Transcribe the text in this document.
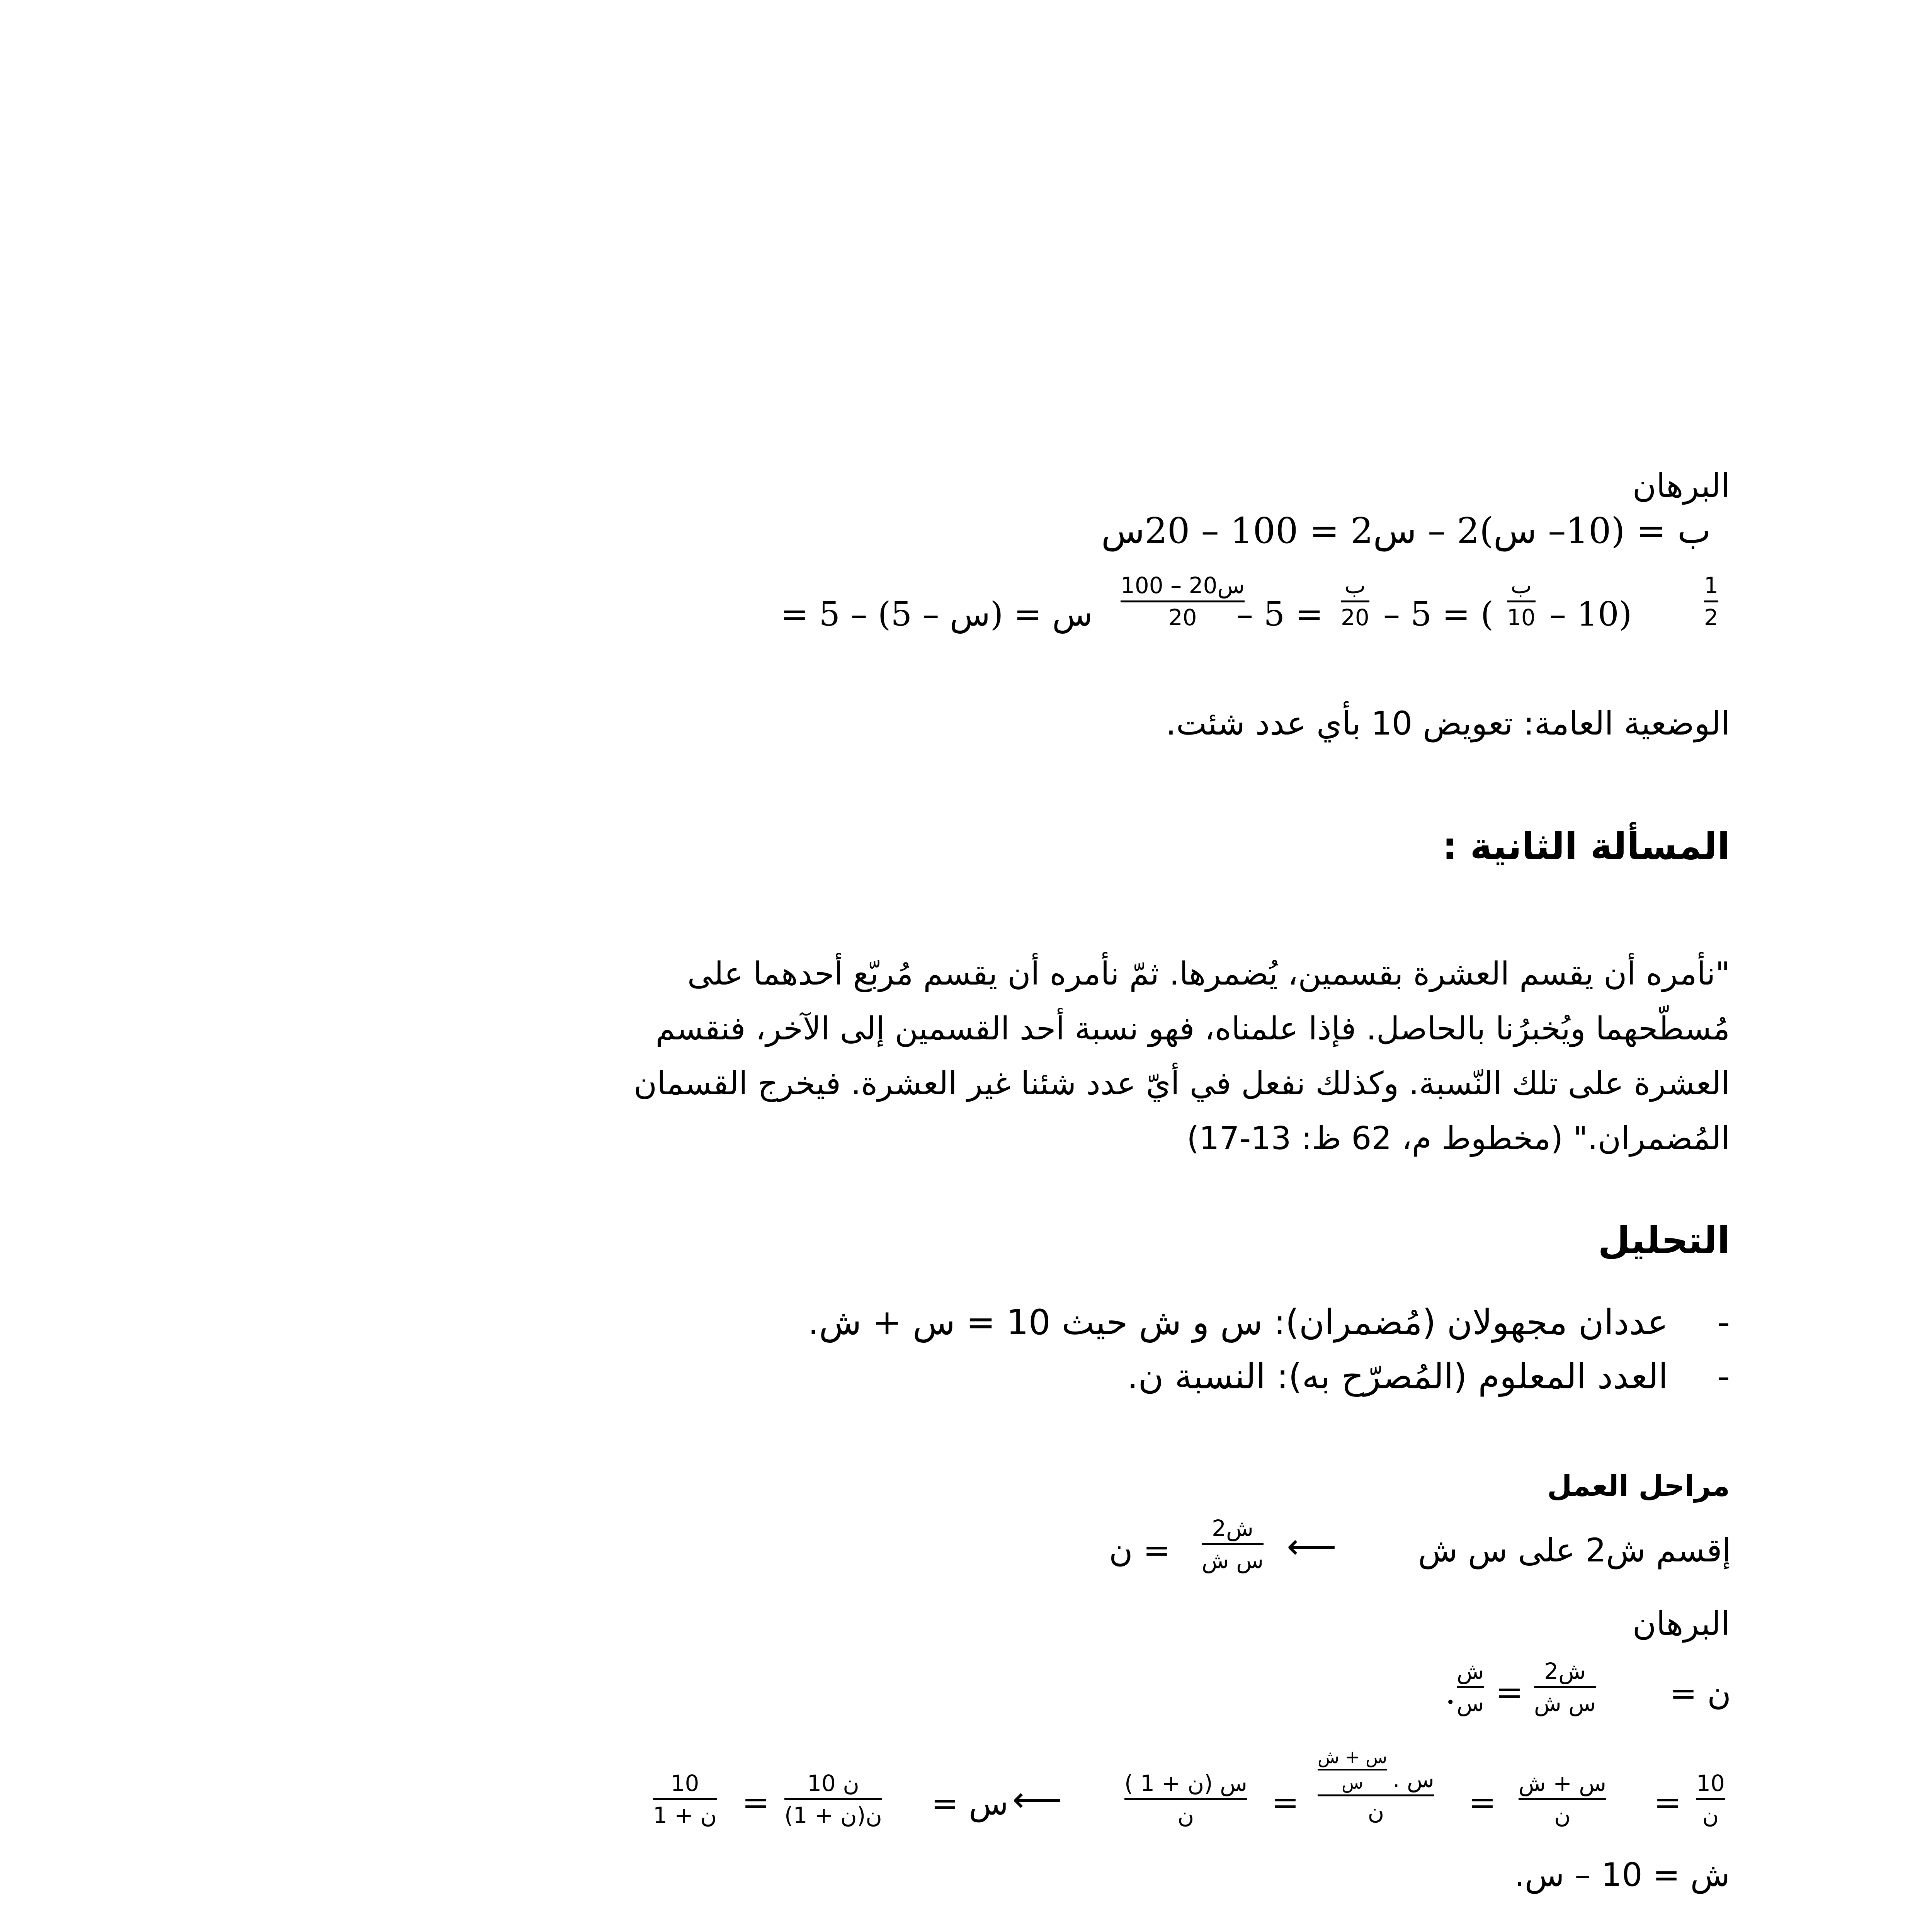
البرهان
ب = (10– س)2 – س2 = 100 – 20س
س = (س – 5) – 5 =
100 – 20س
20 – 5 =
ب
20 – 5 = (
ب
10 – 10)
1
2
الوضعية العامة: تعويض 10 بأي عدد شئت.
المسألة الثانية :
"نأمره أن يقسم العشرة بقسمين، يُضمرها. ثمّ نأمره أن يقسم مُربّع أحدهما على
مُسطّحهما ويُخبرُنا بالحاصل. فإذا علمناه، فهو نسبة أحد القسمين إلى الآخر، فنقسم
العشرة على تلك النّسبة. وكذلك نفعل في أيّ عدد شئنا غير العشرة. فيخرج القسمان
المُضمران." (مخطوط م، 62 ظ: 13-17)
التحليل
-عددان مجهولان (مُضمران): س و ش حيث 10 = س + ش.
-العدد المعلوم (المُصرّح به): النسبة ن.
مراحل العمل
إقسم ش2 على س ش
⟵
ش2
س ش
= ن
البرهان
ن =
ش2
س ش
=
ش
س
.
10
ن
=
س + ش
ن
=
$\frac{\text{س + ش}}{\text{س}}$ . س
ن
=
( 1 + ن) س
ن
⟵
س =
10 ن
ن(ن + 1)
=
10
ن + 1
ش = 10 – س.
